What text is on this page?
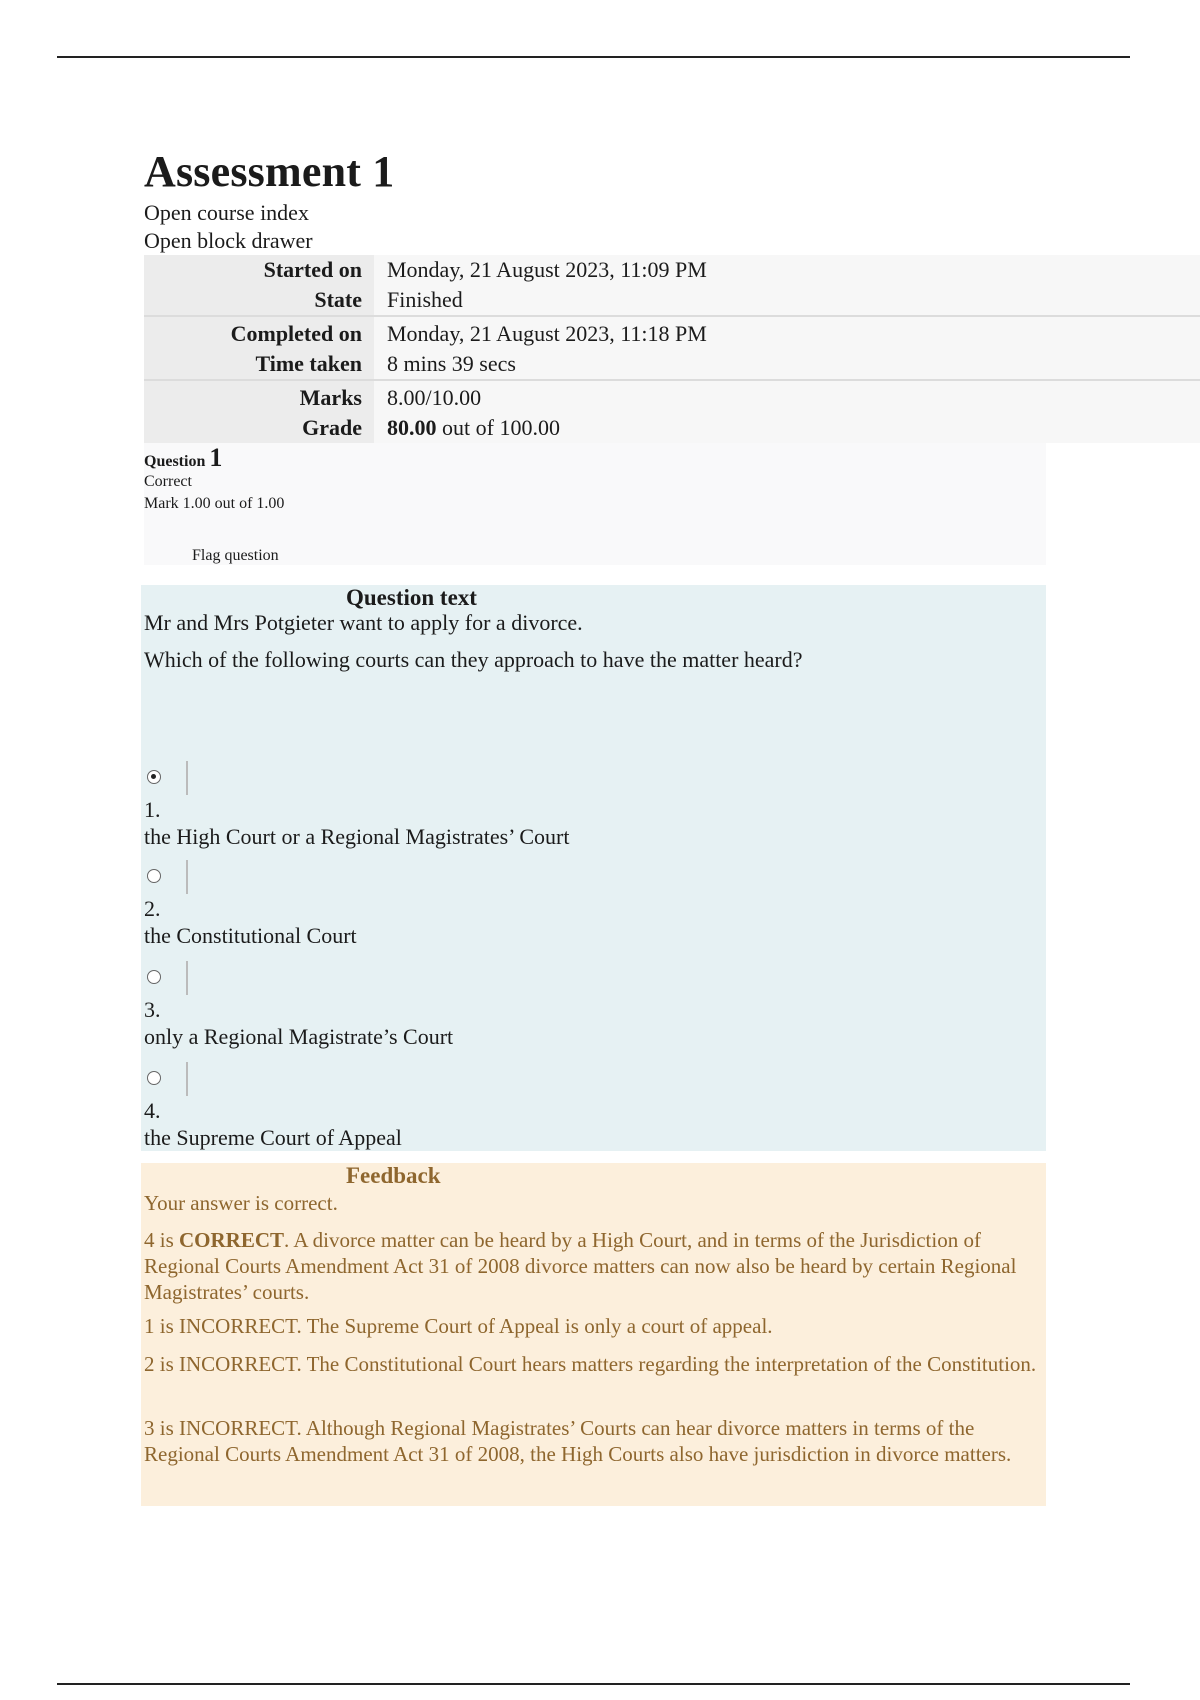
Assessment 1
Open course index
Open block drawer
Started on	Monday, 21 August 2023, 11:09 PM
State	Finished
Completed on	Monday, 21 August 2023, 11:18 PM
Time taken	8 mins 39 secs
Marks	8.00/10.00
Grade	80.00 out of 100.00
Question 1
Correct
Mark 1.00 out of 1.00
Flag question
Question text
Mr and Mrs Potgieter want to apply for a divorce.
Which of the following courts can they approach to have the matter heard?
1.
the High Court or a Regional Magistrates’ Court
2.
the Constitutional Court
3.
only a Regional Magistrate’s Court
4.
the Supreme Court of Appeal
Feedback
Your answer is correct.
4 is CORRECT. A divorce matter can be heard by a High Court, and in terms of the Jurisdiction of Regional Courts Amendment Act 31 of 2008 divorce matters can now also be heard by certain Regional Magistrates’ courts.
1 is INCORRECT. The Supreme Court of Appeal is only a court of appeal.
2 is INCORRECT. The Constitutional Court hears matters regarding the interpretation of the Constitution.
3 is INCORRECT. Although Regional Magistrates’ Courts can hear divorce matters in terms of the Regional Courts Amendment Act 31 of 2008, the High Courts also have jurisdiction in divorce matters.
